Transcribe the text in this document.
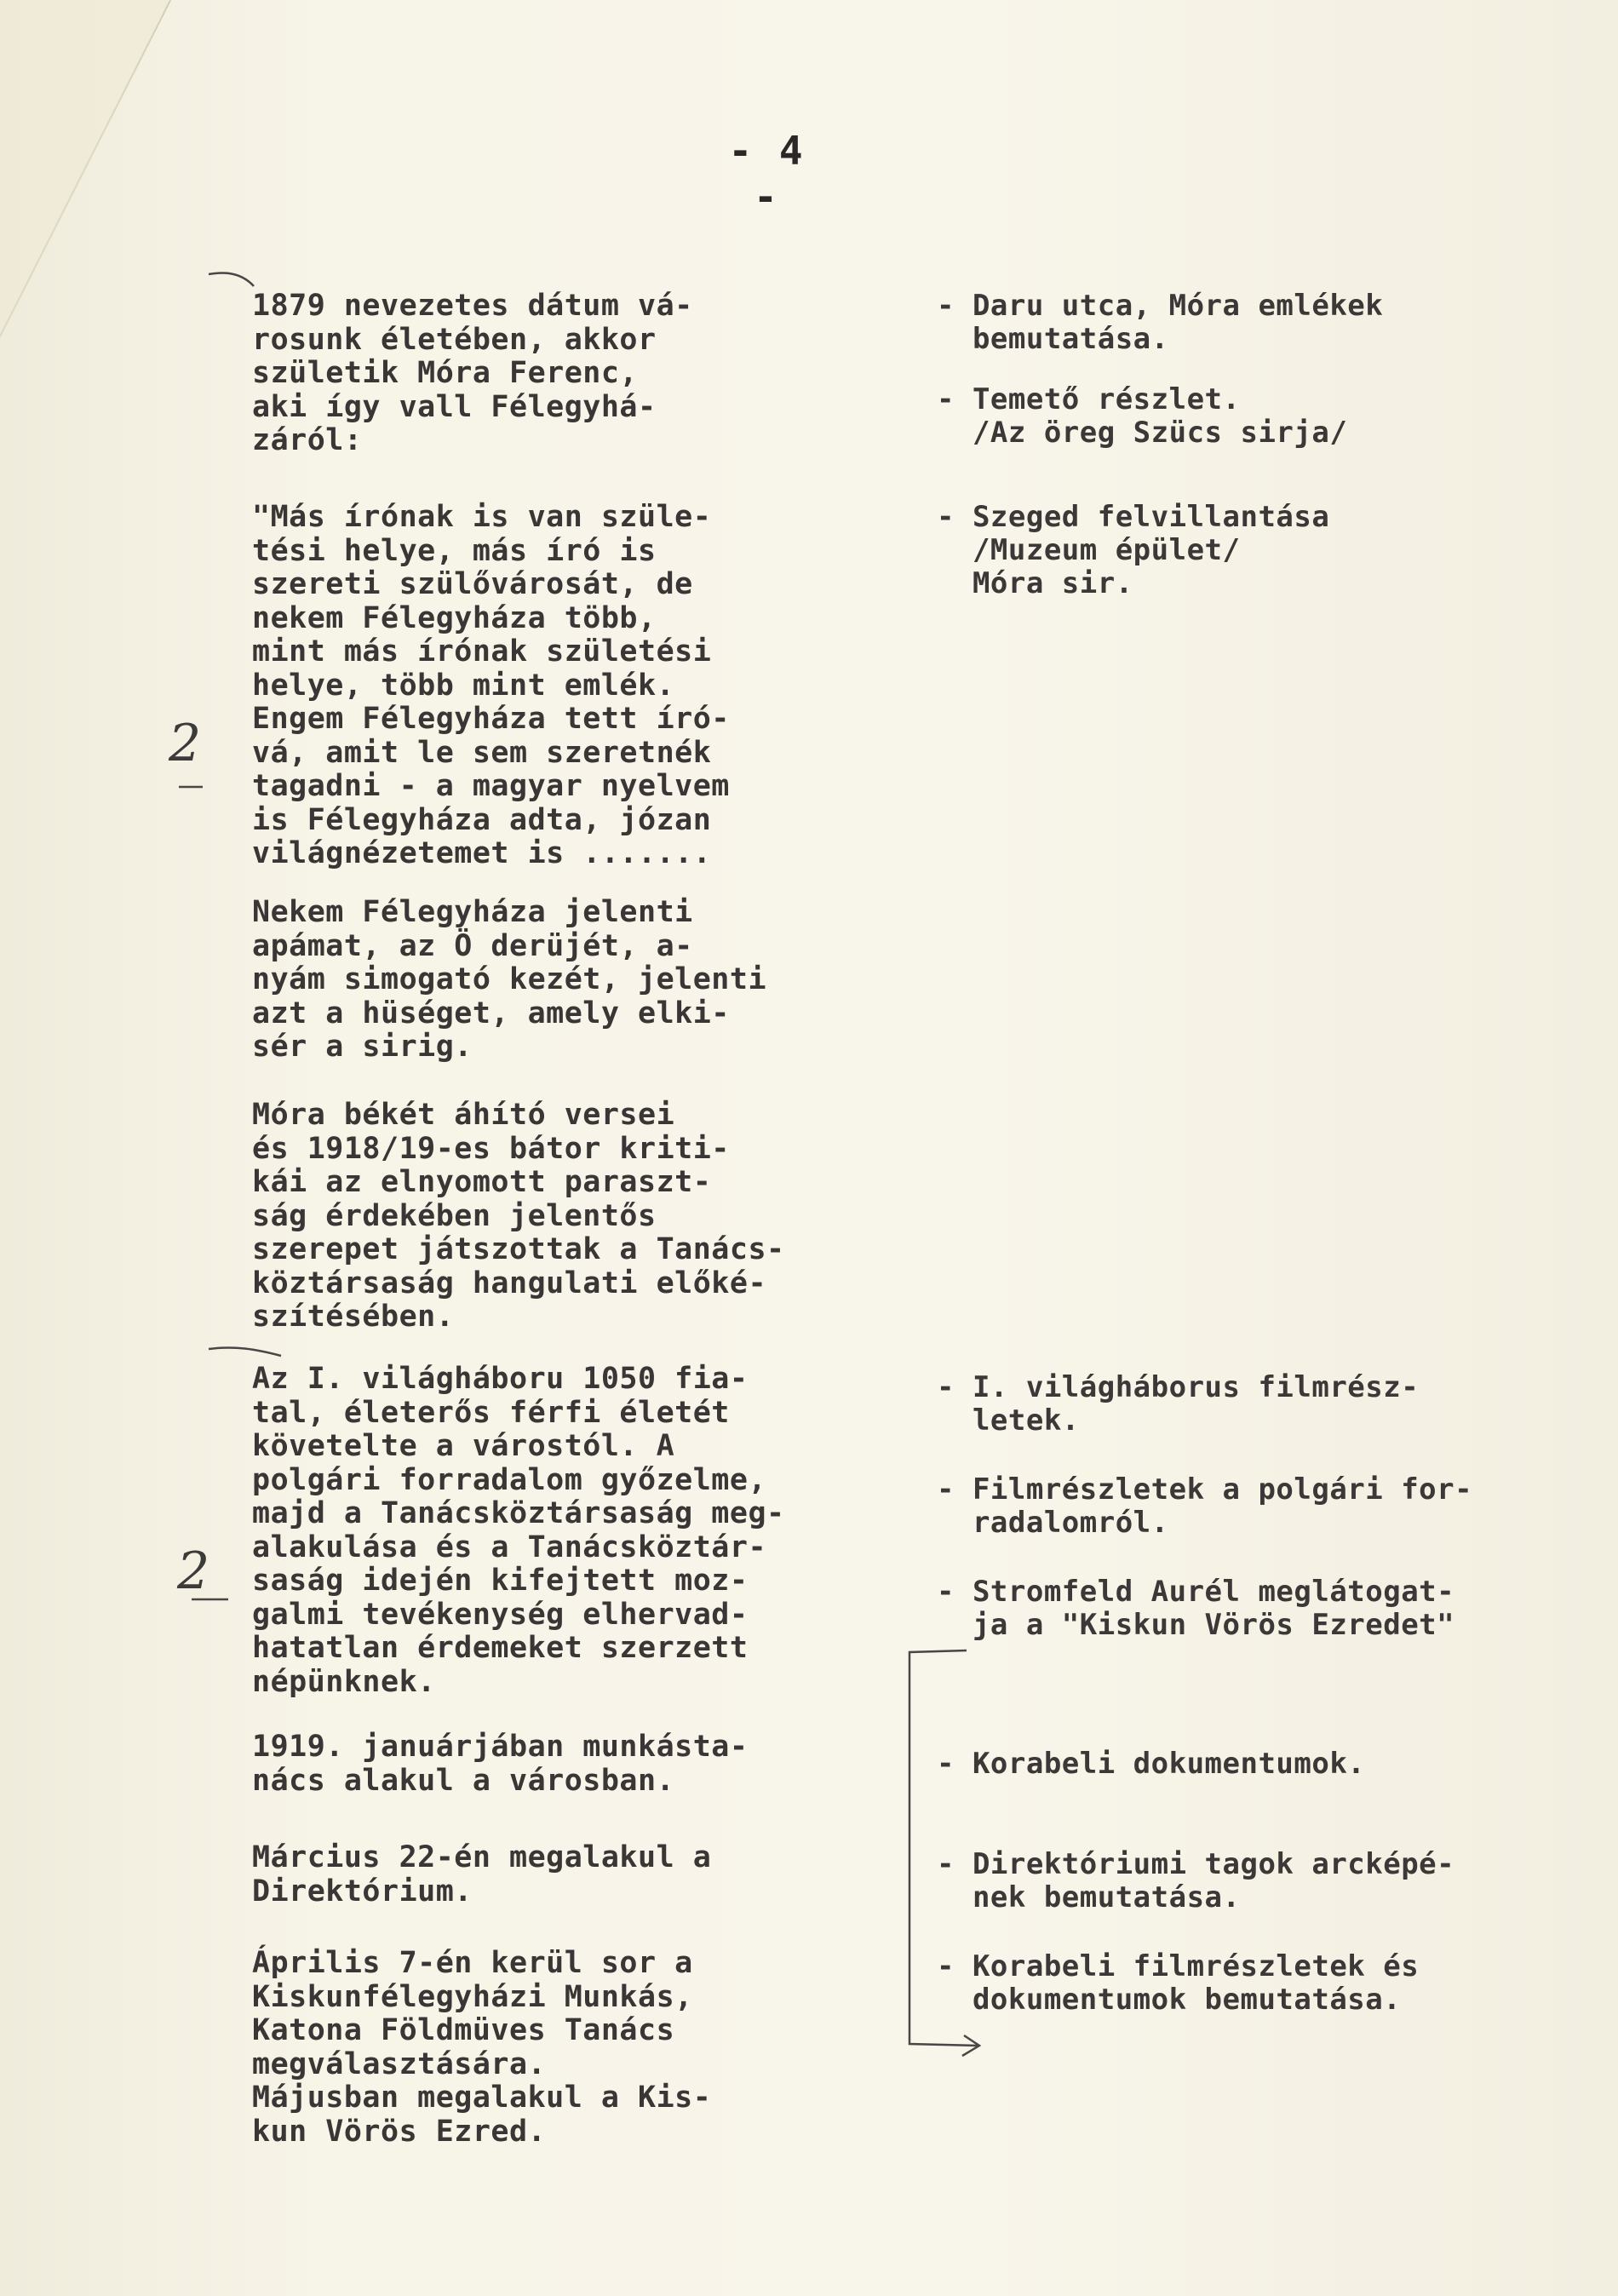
- 4 -

1879 nevezetes dátum vá-
rosunk életében, akkor
születik Móra Ferenc,
aki így vall Félegyhá-
záról:

"Más írónak is van szüle-
tési helye, más író is
szereti szülővárosát, de
nekem Félegyháza több,
mint más írónak születési
helye, több mint emlék.
Engem Félegyháza tett író-
vá, amit le sem szeretnék
tagadni - a magyar nyelvem
is Félegyháza adta, józan
világnézetemet is .......

Nekem Félegyháza jelenti
apámat, az Ö derüjét, a-
nyám simogató kezét, jelenti
azt a hüséget, amely elki-
sér a sirig.

Móra békét áhító versei
és 1918/19-es bátor kriti-
kái az elnyomott paraszt-
ság érdekében jelentős
szerepet játszottak a Tanács-
köztársaság hangulati előké-
szítésében.

Az I. világháboru 1050 fia-
tal, életerős férfi életét
követelte a várostól. A
polgári forradalom győzelme,
majd a Tanácsköztársaság meg-
alakulása és a Tanácsköztár-
saság idején kifejtett moz-
galmi tevékenység elhervad-
hatatlan érdemeket szerzett
népünknek.

1919. januárjában munkásta-
nács alakul a városban.

Március 22-én megalakul a
Direktórium.

Április 7-én kerül sor a
Kiskunfélegyházi Munkás,
Katona Földmüves Tanács
megválasztására.
Májusban megalakul a Kis-
kun Vörös Ezred.

- Daru utca, Móra emlékek
bemutatása.

- Temető részlet.
/Az öreg Szücs sirja/

- Szeged felvillantása
/Muzeum épület/
Móra sir.

- I. világháborus filmrész-
letek.

- Filmrészletek a polgári for-
radalomról.

- Stromfeld Aurél meglátogat-
ja a "Kiskun Vörös Ezredet"

- Korabeli dokumentumok.

- Direktóriumi tagok arcképé-
nek bemutatása.

- Korabeli filmrészletek és
dokumentumok bemutatása.

2
2
